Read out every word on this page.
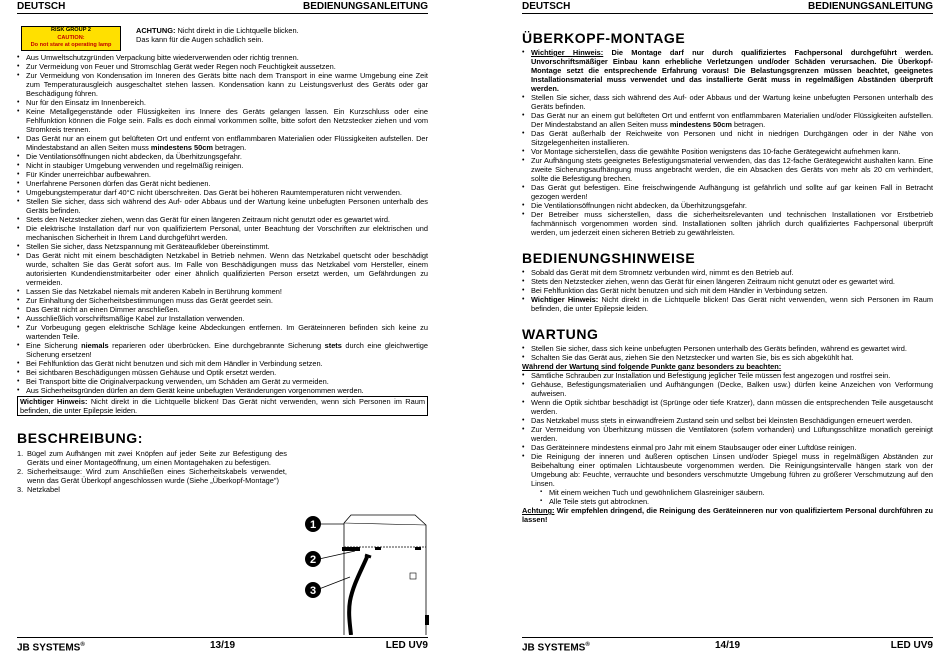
DEUTSCH	BEDIENUNGSANLEITUNG
RISK GROUP 2
CAUTION:
Do not stare at operating lamp
ACHTUNG: Nicht direkt in die Lichtquelle blicken.
Das kann für die Augen schädlich sein.
• Aus Umweltschutzgründen Verpackung bitte wiederverwenden oder richtig trennen.
• Zur Vermeidung von Feuer und Stromschlag Gerät weder Regen noch Feuchtigkeit aussetzen.
• Zur Vermeidung von Kondensation im Inneren des Geräts bitte nach dem Transport in eine warme Umgebung eine Zeit zum Temperaturausgleich ausgeschaltet stehen lassen. Kondensation kann zu Leistungsverlust des Geräts oder gar Beschädigung führen.
• Nur für den Einsatz im Innenbereich.
• Keine Metallgegenstände oder Flüssigkeiten ins Innere des Geräts gelangen lassen. Ein Kurzschluss oder eine Fehlfunktion können die Folge sein. Falls es doch einmal vorkommen sollte, bitte sofort den Netzstecker ziehen und vom Stromkreis trennen.
• Das Gerät nur an einem gut belüfteten Ort und entfernt von entflammbaren Materialien oder Flüssigkeiten aufstellen. Der Mindestabstand an allen Seiten muss mindestens 50cm betragen.
• Die Ventilationsöffnungen nicht abdecken, da Überhitzungsgefahr.
• Nicht in staubiger Umgebung verwenden und regelmäßig reinigen.
• Für Kinder unerreichbar aufbewahren.
• Unerfahrene Personen dürfen das Gerät nicht bedienen.
• Umgebungstemperatur darf 40°C nicht überschreiten. Das Gerät bei höheren Raumtemperaturen nicht verwenden.
• Stellen Sie sicher, dass sich während des Auf- oder Abbaus und der Wartung keine unbefugten Personen unterhalb des Geräts befinden.
• Stets den Netzstecker ziehen, wenn das Gerät für einen längeren Zeitraum nicht genutzt oder es gewartet wird.
• Die elektrische Installation darf nur von qualifiziertem Personal, unter Beachtung der Vorschriften zur elektrischen und mechanischen Sicherheit in Ihrem Land durchgeführt werden.
• Stellen Sie sicher, dass Netzspannung mit Geräteaufkleber übereinstimmt.
• Das Gerät nicht mit einem beschädigten Netzkabel in Betrieb nehmen. Wenn das Netzkabel quetscht oder beschädigt wurde, schalten Sie das Gerät sofort aus. Im Falle von Beschädigungen muss das Netzkabel vom Hersteller, einem autorisierten Kundendienstmitarbeiter oder einer ähnlich qualifizierten Person ersetzt werden, um Gefährdungen zu vermeiden.
• Lassen Sie das Netzkabel niemals mit anderen Kabeln in Berührung kommen!
• Zur Einhaltung der Sicherheitsbestimmungen muss das Gerät geerdet sein.
• Das Gerät nicht an einen Dimmer anschließen.
• Ausschließlich vorschriftsmäßige Kabel zur Installation verwenden.
• Zur Vorbeugung gegen elektrische Schläge keine Abdeckungen entfernen. Im Geräteinneren befinden sich keine zu wartenden Teile.
• Eine Sicherung niemals reparieren oder überbrücken. Eine durchgebrannte Sicherung stets durch eine gleichwertige Sicherung ersetzen!
• Bei Fehlfunktion das Gerät nicht benutzen und sich mit dem Händler in Verbindung setzen.
• Bei sichtbaren Beschädigungen müssen Gehäuse und Optik ersetzt werden.
• Bei Transport bitte die Originalverpackung verwenden, um Schäden am Gerät zu vermeiden.
• Aus Sicherheitsgründen dürfen an dem Gerät keine unbefugten Veränderungen vorgenommen werden.
Wichtiger Hinweis: Nicht direkt in die Lichtquelle blicken! Das Gerät nicht verwenden, wenn sich Personen im Raum befinden, die unter Epilepsie leiden.
BESCHREIBUNG:
1. Bügel zum Aufhängen mit zwei Knöpfen auf jeder Seite zur Befestigung des Geräts und einer Montageöffnung, um einen Montagehaken zu befestigen.
2. Sicherheitsauge: Wird zum Anschließen eines Sicherheitskabels verwendet, wenn das Gerät Überkopf angeschlossen wurde (Siehe „Überkopf-Montage")
3. Netzkabel
1
2
3
JB SYSTEMS®	13/19	LED UV9
DEUTSCH	BEDIENUNGSANLEITUNG
ÜBERKOPF-MONTAGE
• Wichtiger Hinweis: Die Montage darf nur durch qualifiziertes Fachpersonal durchgeführt werden. Unvorschriftsmäßiger Einbau kann erhebliche Verletzungen und/oder Schäden verursachen. Die Überkopf-Montage setzt die entsprechende Erfahrung voraus! Die Belastungsgrenzen müssen beachtet, geeignetes Installationsmaterial muss verwendet und das installierte Gerät muss in regelmäßigen Abständen überprüft werden.
• Stellen Sie sicher, dass sich während des Auf- oder Abbaus und der Wartung keine unbefugten Personen unterhalb des Geräts befinden.
• Das Gerät nur an einem gut belüfteten Ort und entfernt von entflammbaren Materialien und/oder Flüssigkeiten aufstellen. Der Mindestabstand an allen Seiten muss mindestens 50cm betragen.
• Das Gerät außerhalb der Reichweite von Personen und nicht in niedrigen Durchgängen oder in der Nähe von Sitzgelegenheiten installieren.
• Vor Montage sicherstellen, dass die gewählte Position wenigstens das 10-fache Gerätegewicht aufnehmen kann.
• Zur Aufhängung stets geeignetes Befestigungsmaterial verwenden, das das 12-fache Gerätegewicht aushalten kann. Eine zweite Sicherungsaufhängung muss angebracht werden, die ein Absacken des Geräts von mehr als 20 cm verhindert, sollte die Befestigung brechen.
• Das Gerät gut befestigen. Eine freischwingende Aufhängung ist gefährlich und sollte auf gar keinen Fall in Betracht gezogen werden!
• Die Ventilationsöffnungen nicht abdecken, da Überhitzungsgefahr.
• Der Betreiber muss sicherstellen, dass die sicherheitsrelevanten und technischen Installationen vor Erstbetrieb fachmännisch vorgenommen worden sind. Installationen sollten jährlich durch qualifiziertes Fachpersonal überprüft werden, um jederzeit einen sicheren Betrieb zu gewährleisten.
BEDIENUNGSHINWEISE
• Sobald das Gerät mit dem Stromnetz verbunden wird, nimmt es den Betrieb auf.
• Stets den Netzstecker ziehen, wenn das Gerät für einen längeren Zeitraum nicht genutzt oder es gewartet wird.
• Bei Fehlfunktion das Gerät nicht benutzen und sich mit dem Händler in Verbindung setzen.
• Wichtiger Hinweis: Nicht direkt in die Lichtquelle blicken! Das Gerät nicht verwenden, wenn sich Personen im Raum befinden, die unter Epilepsie leiden.
WARTUNG
• Stellen Sie sicher, dass sich keine unbefugten Personen unterhalb des Geräts befinden, während es gewartet wird.
• Schalten Sie das Gerät aus, ziehen Sie den Netzstecker und warten Sie, bis es sich abgekühlt hat.
Während der Wartung sind folgende Punkte ganz besonders zu beachten:
• Sämtliche Schrauben zur Installation und Befestigung jeglicher Teile müssen fest angezogen und rostfrei sein.
• Gehäuse, Befestigungsmaterialien und Aufhängungen (Decke, Balken usw.) dürfen keine Anzeichen von Verformung aufweisen.
• Wenn die Optik sichtbar beschädigt ist (Sprünge oder tiefe Kratzer), dann müssen die entsprechenden Teile ausgetauscht werden.
• Das Netzkabel muss stets in einwandfreiem Zustand sein und selbst bei kleinsten Beschädigungen erneuert werden.
• Zur Vermeidung von Überhitzung müssen die Ventilatoren (sofern vorhanden) und Lüftungsschlitze monatlich gereinigt werden.
• Das Geräteinnere mindestens einmal pro Jahr mit einem Staubsauger oder einer Luftdüse reinigen.
• Die Reinigung der inneren und äußeren optischen Linsen und/oder Spiegel muss in regelmäßigen Abständen zur Beibehaltung einer optimalen Lichtausbeute vorgenommen werden. Die Reinigungsintervalle hängen stark von der Umgebung ab: Feuchte, verrauchte und besonders verschmutzte Umgebung führen zu größerer Verschmutzung auf den Linsen.
▪ Mit einem weichen Tuch und gewöhnlichem Glasreiniger säubern.
▪ Alle Teile stets gut abtrocknen.
Achtung: Wir empfehlen dringend, die Reinigung des Geräteinneren nur von qualifiziertem Personal durchführen zu lassen!
JB SYSTEMS®	14/19	LED UV9
